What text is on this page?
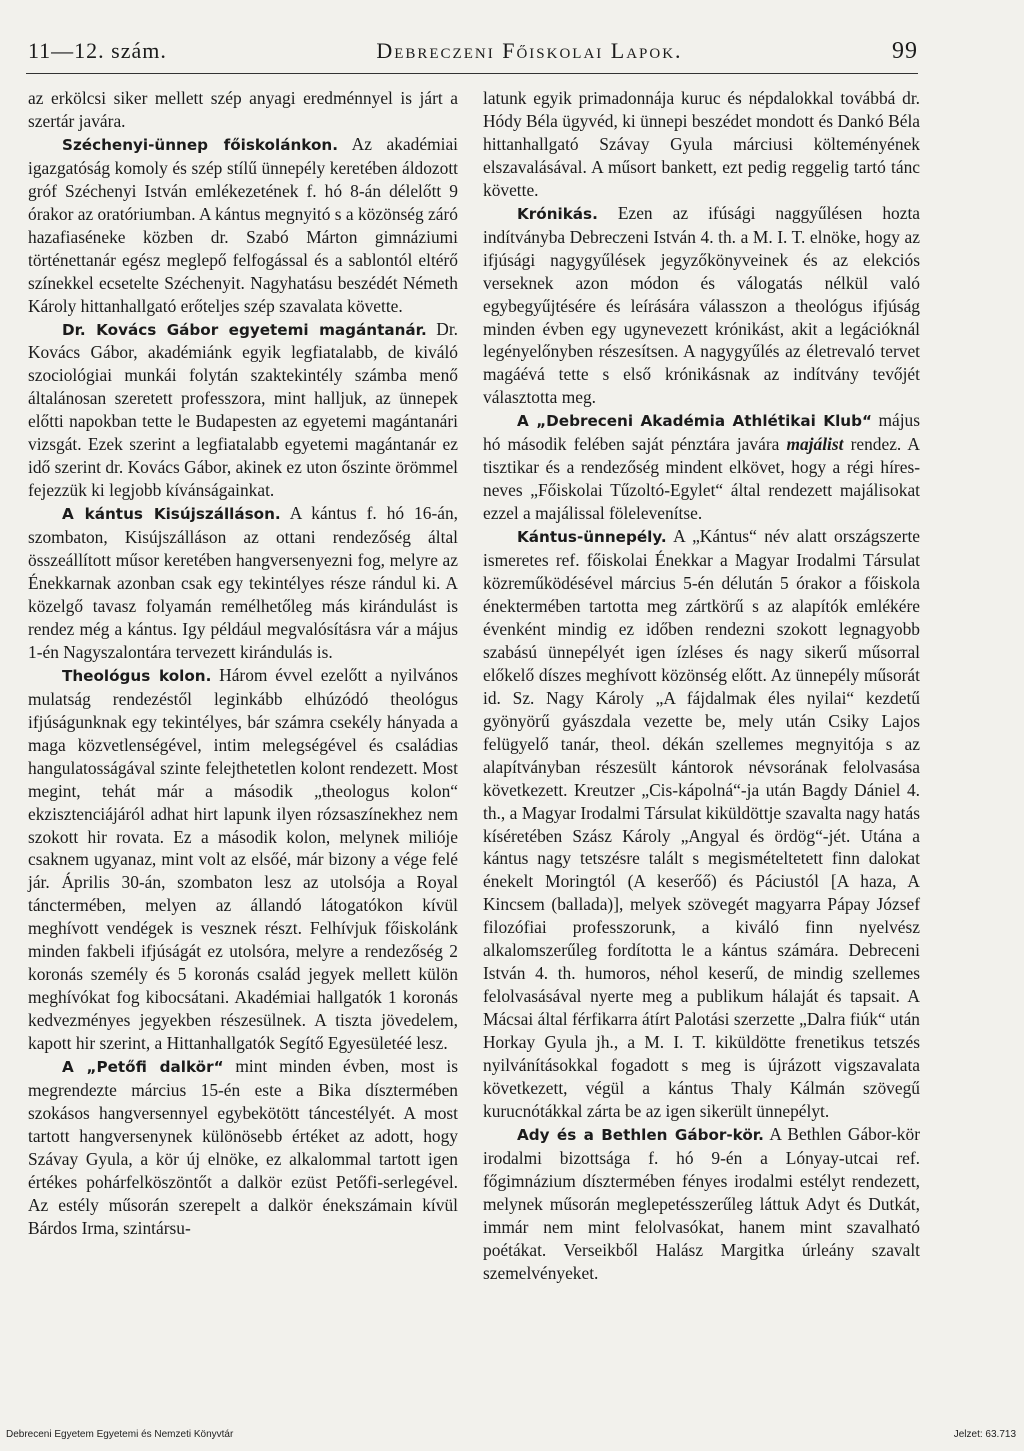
11—12. szám.	Debreczeni Főiskolai Lapok.	99

az erkölcsi siker mellett szép anyagi eredménnyel is járt a szertár javára.

Széchenyi-ünnep főiskolánkon. Az akadémiai igazgatóság komoly és szép stílű ünnepély keretében áldozott gróf Széchenyi István emlékezetének f. hó 8-án délelőtt 9 órakor az oratóriumban. A kántus megnyitó s a közönség záró hazafiaséneke közben dr. Szabó Márton gimnáziumi történettanár egész meglepő felfogással és a sablontól eltérő színekkel ecsetelte Széchenyit. Nagyhatásu beszédét Németh Károly hittanhallgató erőteljes szép szavalata követte.

Dr. Kovács Gábor egyetemi magántanár. Dr. Kovács Gábor, akadémiánk egyik legfiatalabb, de kiváló szociológiai munkái folytán szaktekintély számba menő általánosan szeretett professzora, mint halljuk, az ünnepek előtti napokban tette le Budapesten az egyetemi magántanári vizsgát. Ezek szerint a legfiatalabb egyetemi magántanár ez idő szerint dr. Kovács Gábor, akinek ez uton őszinte örömmel fejezzük ki legjobb kívánságainkat.

A kántus Kisújszálláson. A kántus f. hó 16-án, szombaton, Kisújszálláson az ottani rendezőség által összeállított műsor keretében hangversenyezni fog, melyre az Énekkarnak azonban csak egy tekintélyes része rándul ki. A közelgő tavasz folyamán remélhetőleg más kirándulást is rendez még a kántus. Igy például megvalósításra vár a május 1-én Nagyszalontára tervezett kirándulás is.

Theológus kolon. Három évvel ezelőtt a nyilvános mulatság rendezéstől leginkább elhúzódó theológus ifjúságunknak egy tekintélyes, bár számra csekély hányada a maga közvetlenségével, intim melegségével és családias hangulatosságával szinte felejthetetlen kolont rendezett. Most megint, tehát már a második „theologus kolon“ ekzisztenciájáról adhat hirt lapunk ilyen rózsaszínekhez nem szokott hir rovata. Ez a második kolon, melynek milióje csaknem ugyanaz, mint volt az elsőé, már bizony a vége felé jár. Április 30-án, szombaton lesz az utolsója a Royal tánctermében, melyen az állandó látogatókon kívül meghívott vendégek is vesznek részt. Felhívjuk főiskolánk minden fakbeli ifjúságát ez utolsóra, melyre a rendezőség 2 koronás személy és 5 koronás család jegyek mellett külön meghívókat fog kibocsátani. Akadémiai hallgatók 1 koronás kedvezményes jegyekben részesülnek. A tiszta jövedelem, kapott hir szerint, a Hittanhallgatók Segítő Egyesületéé lesz.

A „Petőfi dalkör“ mint minden évben, most is megrendezte március 15-én este a Bika dísztermében szokásos hangversennyel egybekötött táncestélyét. A most tartott hangversenynek különösebb értéket az adott, hogy Szávay Gyula, a kör új elnöke, ez alkalommal tartott igen értékes pohárfelköszöntőt a dalkör ezüst Petőfi-serlegével. Az estély műsorán szerepelt a dalkör énekszámain kívül Bárdos Irma, szintársu-

latunk egyik primadonnája kuruc és népdalokkal továbbá dr. Hódy Béla ügyvéd, ki ünnepi beszédet mondott és Dankó Béla hittanhallgató Szávay Gyula márciusi költeményének elszavalásával. A műsort bankett, ezt pedig reggelig tartó tánc követte.

Krónikás. Ezen az ifúsági naggyűlésen hozta indítványba Debreczeni István 4. th. a M. I. T. elnöke, hogy az ifjúsági nagygyűlések jegyzőkönyveinek és az elekciós verseknek azon módon és válogatás nélkül való egybegyűjtésére és leírására válasszon a theológus ifjúság minden évben egy ugynevezett krónikást, akit a legációknál legényelőnyben részesítsen. A nagygyűlés az életrevaló tervet magáévá tette s első krónikásnak az indítvány tevőjét választotta meg.

A „Debreceni Akadémia Athlétikai Klub“ május hó második felében saját pénztára javára majálist rendez. A tisztikar és a rendezőség mindent elkövet, hogy a régi híres-neves „Főiskolai Tűzoltó-Egylet“ által rendezett majálisokat ezzel a majálissal fölelevenítse.

Kántus-ünnepély. A „Kántus“ név alatt országszerte ismeretes ref. főiskolai Énekkar a Magyar Irodalmi Társulat közreműködésével március 5-én délután 5 órakor a főiskola énektermében tartotta meg zártkörű s az alapítók emlékére évenként mindig ez időben rendezni szokott legnagyobb szabású ünnepélyét igen ízléses és nagy sikerű műsorral előkelő díszes meghívott közönség előtt. Az ünnepély műsorát id. Sz. Nagy Károly „A fájdalmak éles nyilai“ kezdetű gyönyörű gyászdala vezette be, mely után Csiky Lajos felügyelő tanár, theol. dékán szellemes megnyitója s az alapítványban részesült kántorok névsorának felolvasása következett. Kreutzer „Cis-kápolná“-ja után Bagdy Dániel 4. th., a Magyar Irodalmi Társulat kiküldöttje szavalta nagy hatás kíséretében Szász Károly „Angyal és ördög“-jét. Utána a kántus nagy tetszésre talált s megismételtetett finn dalokat énekelt Moringtól (A keserőő) és Páciustól [A haza, A Kincsem (ballada)], melyek szövegét magyarra Pápay József filozófiai professzorunk, a kiváló finn nyelvész alkalomszerűleg fordította le a kántus számára. Debreceni István 4. th. humoros, néhol keserű, de mindig szellemes felolvasásával nyerte meg a publikum hálaját és tapsait. A Mácsai által férfikarra átírt Palotási szerzette „Dalra fiúk“ után Horkay Gyula jh., a M. I. T. kiküldötte frenetikus tetszés nyilvánításokkal fogadott s meg is újrázott vigszavalata következett, végül a kántus Thaly Kálmán szövegű kurucnótákkal zárta be az igen sikerült ünnepélyt.

Ady és a Bethlen Gábor-kör. A Bethlen Gábor-kör irodalmi bizottsága f. hó 9-én a Lónyay-utcai ref. főgimnázium dísztermében fényes irodalmi estélyt rendezett, melynek műsorán meglepetésszerűleg láttuk Adyt és Dutkát, immár nem mint felolvasókat, hanem mint szavalható poétákat. Verseikből Halász Margitka úrleány szavalt szemelvényeket.

Debreceni Egyetem Egyetemi és Nemzeti Könyvtár	Jelzet: 63.713
